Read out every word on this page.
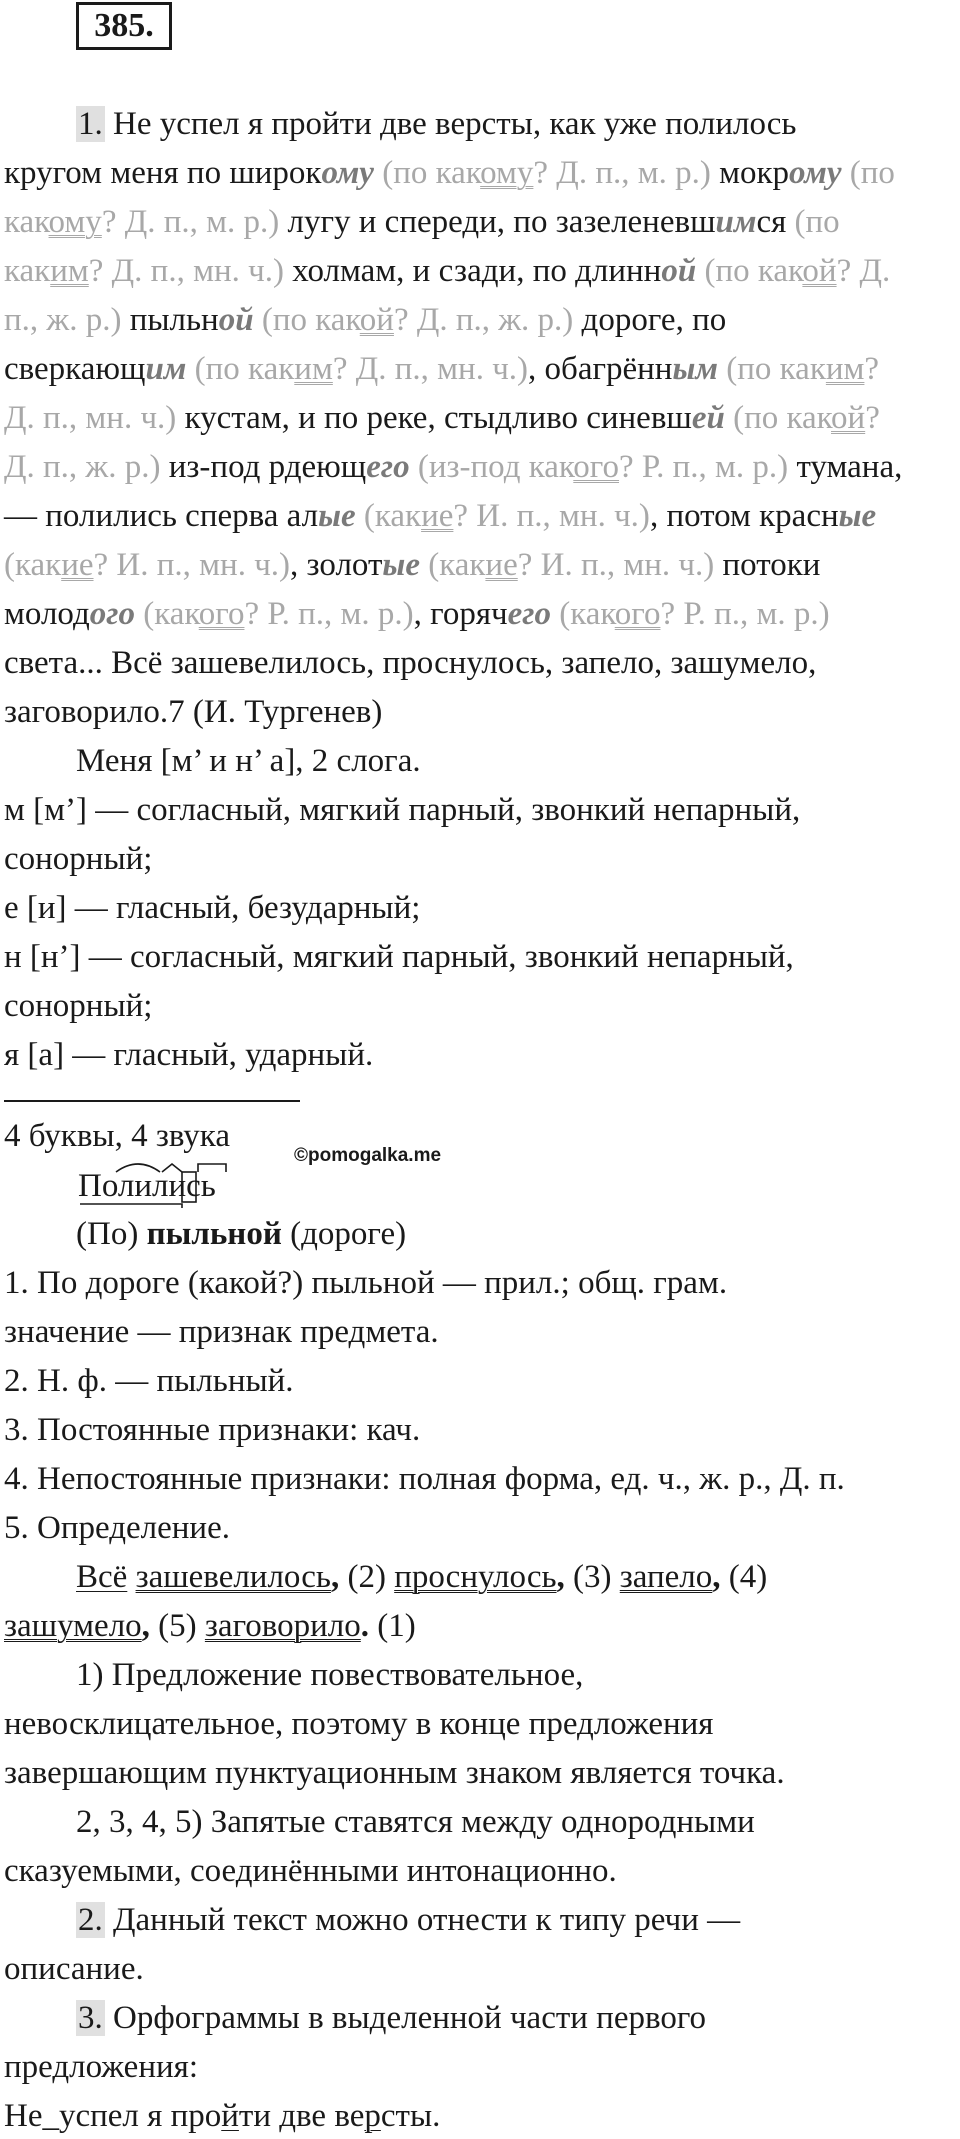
385.
1. Не успел я пройти две версты, как уже полилось
кругом меня по широкому (по какому? Д. п., м. р.) мокрому (по
какому? Д. п., м. р.) лугу и спереди, по зазеленевшимся (по
каким? Д. п., мн. ч.) холмам, и сзади, по длинной (по какой? Д.
п., ж. р.) пыльной (по какой? Д. п., ж. р.) дороге, по
сверкающим (по каким? Д. п., мн. ч.), обагрённым (по каким?
Д. п., мн. ч.) кустам, и по реке, стыдливо синевшей (по какой?
Д. п., ж. р.) из-под рдеющего (из-под какого? Р. п., м. р.) тумана,
— полились сперва алые (какие? И. п., мн. ч.), потом красные
(какие? И. п., мн. ч.), золотые (какие? И. п., мн. ч.) потоки
молодого (какого? Р. п., м. р.), горячего (какого? Р. п., м. р.)
света... Всё зашевелилось, проснулось, запело, зашумело,
заговорило.7 (И. Тургенев)
Меня [м’ и н’ а], 2 слога.
м [м’] — согласный, мягкий парный, звонкий непарный,
сонорный;
е [и] — гласный, безударный;
н [н’] — согласный, мягкий парный, звонкий непарный,
сонорный;
я [а] — гласный, ударный.
4 буквы, 4 звука
(По) пыльной (дороге)
1. По дороге (какой?) пыльной — прил.; общ. грам.
значение — признак предмета.
2. Н. ф. — пыльный.
3. Постоянные признаки: кач.
4. Непостоянные признаки: полная форма, ед. ч., ж. р., Д. п.
5. Определение.
Всё зашевелилось, (2) проснулось, (3) запело, (4)
зашумело, (5) заговорило. (1)
1) Предложение повествовательное,
невосклицательное, поэтому в конце предложения
завершающим пунктуационным знаком является точка.
2, 3, 4, 5) Запятые ставятся между однородными
сказуемыми, соединёнными интонационно.
2. Данный текст можно отнести к типу речи —
описание.
3. Орфограммы в выделенной части первого
предложения:
Не_успел я пройти две версты.
Полились
©pomogalka.me
